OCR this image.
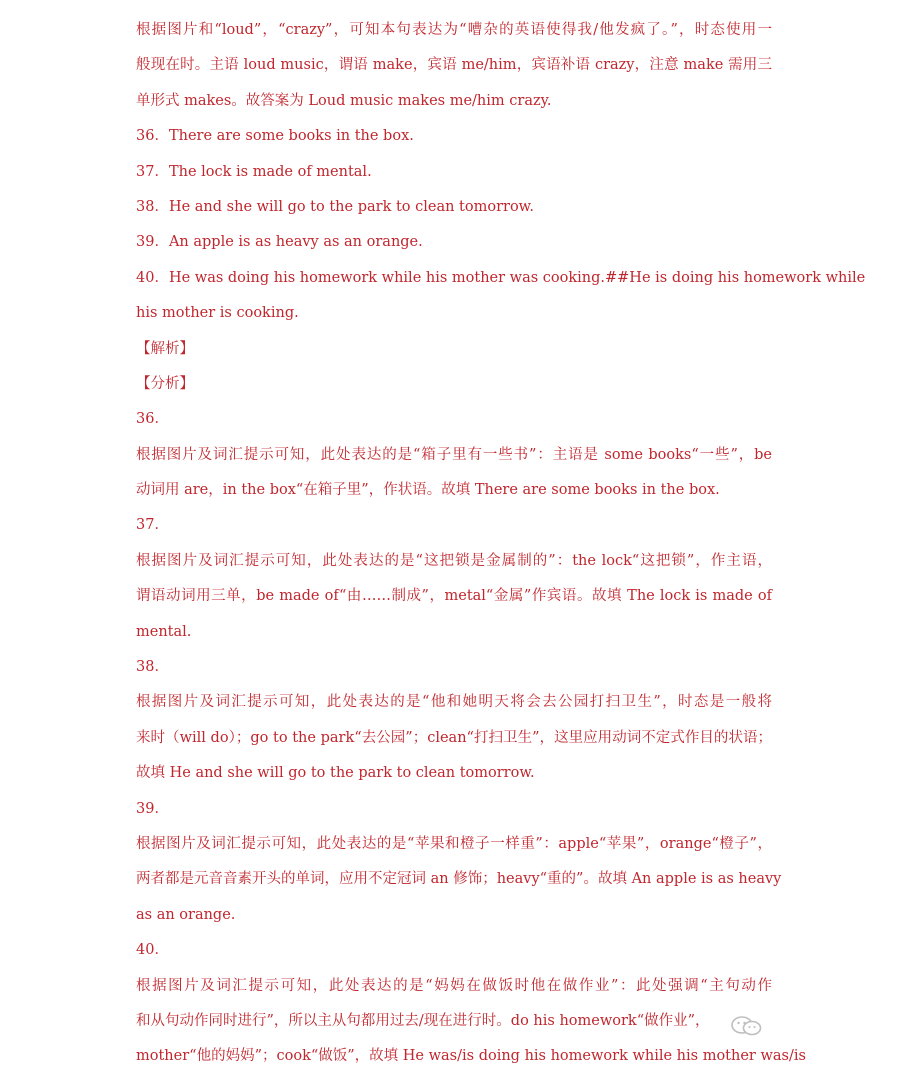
根据图片和“loud”，“crazy”，可知本句表达为“嘈杂的英语使得我/他发疯了。”，时态使用一
般现在时。主语 loud music，谓语 make，宾语 me/him，宾语补语 crazy，注意 make 需用三
单形式 makes。故答案为 Loud music makes me/him crazy.
36．There are some books in the box.
37．The lock is made of mental.
38．He and she will go to the park to clean tomorrow.
39．An apple is as heavy as an orange.
40．He was doing his homework while his mother was cooking.##He is doing his homework while
his mother is cooking.
【解析】
【分析】
36．
根据图片及词汇提示可知，此处表达的是“箱子里有一些书”：主语是 some books“一些”，be
动词用 are，in the box“在箱子里”，作状语。故填 There are some books in the box.
37．
根据图片及词汇提示可知，此处表达的是“这把锁是金属制的”：the lock“这把锁”，作主语，
谓语动词用三单，be made of“由……制成”，metal“金属”作宾语。故填 The lock is made of
mental.
38．
根据图片及词汇提示可知，此处表达的是“他和她明天将会去公园打扫卫生”，时态是一般将
来时（will do）；go to the park“去公园”；clean“打扫卫生”，这里应用动词不定式作目的状语；
故填 He and she will go to the park to clean tomorrow.
39．
根据图片及词汇提示可知，此处表达的是“苹果和橙子一样重”：apple“苹果”，orange“橙子”，
两者都是元音音素开头的单词，应用不定冠词 an 修饰；heavy“重的”。故填 An apple is as heavy
as an orange.
40．
根据图片及词汇提示可知，此处表达的是“妈妈在做饭时他在做作业”：此处强调“主句动作
和从句动作同时进行”，所以主从句都用过去/现在进行时。do his homework“做作业”，
mother“他的妈妈”；cook“做饭”，故填 He was/is doing his homework while his mother was/is
